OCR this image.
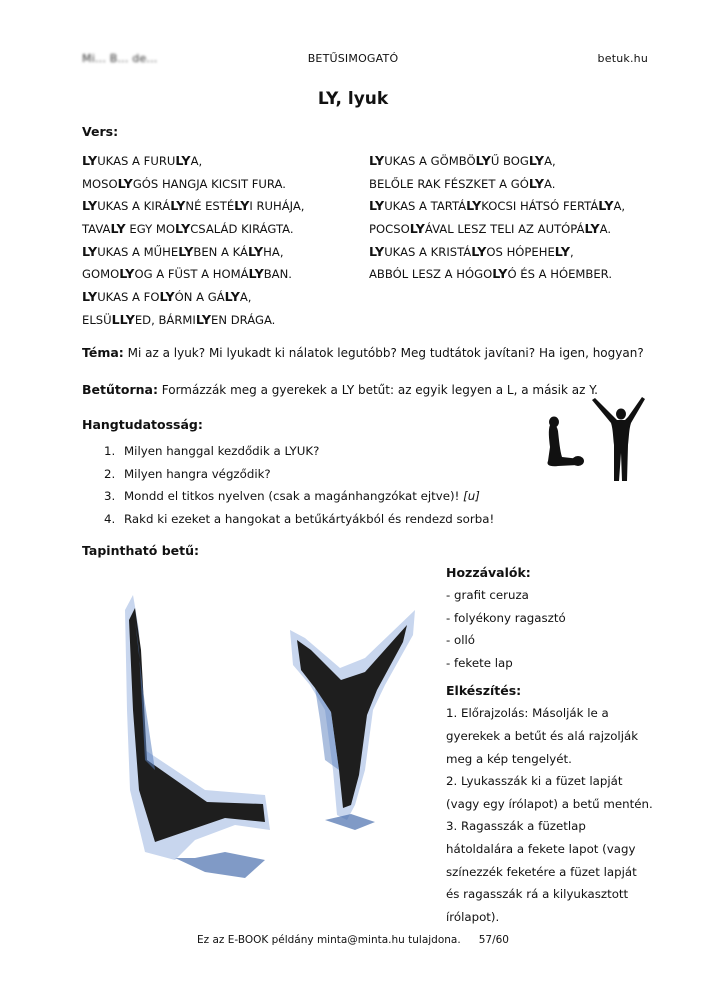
Mi... B... de...	BETŰSIMOGATÓ	betuk.hu
LY, lyuk
Vers:
LYUKAS A FURULYA,
MOSOLYGÓS HANGJA KICSIT FURA.
LYUKAS A KIRÁLYNÉ ESTÉLYI RUHÁJA,
TAVALY EGY MOLYCSALÁD KIRÁGTA.
LYUKAS A MŰHELYBEN A KÁLYHA,
GOMOLYOG A FÜST A HOMÁLYBAN.
LYUKAS A FOLYÓN A GÁLYA,
ELSÜLLYED, BÁRMILYEN DRÁGA.
LYUKAS A GÖMBÖLYŰ BOGLYA,
BELŐLE RAK FÉSZKET A GÓLYA.
LYUKAS A TARTÁLYKOCSI HÁTSÓ FERTÁLYA,
POCSOLYÁVAL LESZ TELI AZ AUTÓPÁLYA.
LYUKAS A KRISTÁLYOS HÓPEHELY,
ABBÓL LESZ A HÓGOLYÓ ÉS A HÓEMBER.
Téma: Mi az a lyuk? Mi lyukadt ki nálatok legutóbb? Meg tudtátok javítani? Ha igen, hogyan?
Betűtorna: Formázzák meg a gyerekek a LY betűt: az egyik legyen a L, a másik az Y.
Hangtudatosság:
1. Milyen hanggal kezdődik a LYUK?
2. Milyen hangra végződik?
3. Mondd el titkos nyelven (csak a magánhangzókat ejtve)! [u]
4. Rakd ki ezeket a hangokat a betűkártyákból és rendezd sorba!
Tapintható betű:
Hozzávalók:
- grafit ceruza
- folyékony ragasztó
- olló
- fekete lap
Elkészítés:
1. Előrajzolás: Másolják le a
gyerekek a betűt és alá rajzolják
meg a kép tengelyét.
2. Lyukasszák ki a füzet lapját
(vagy egy írólapot) a betű mentén.
3. Ragasszák a füzetlap
hátoldalára a fekete lapot (vagy
színezzék feketére a füzet lapját
és ragasszák rá a kilyukasztott
írólapot).
Ez az E-BOOK példány minta@minta.hu tulajdona. 57/60
